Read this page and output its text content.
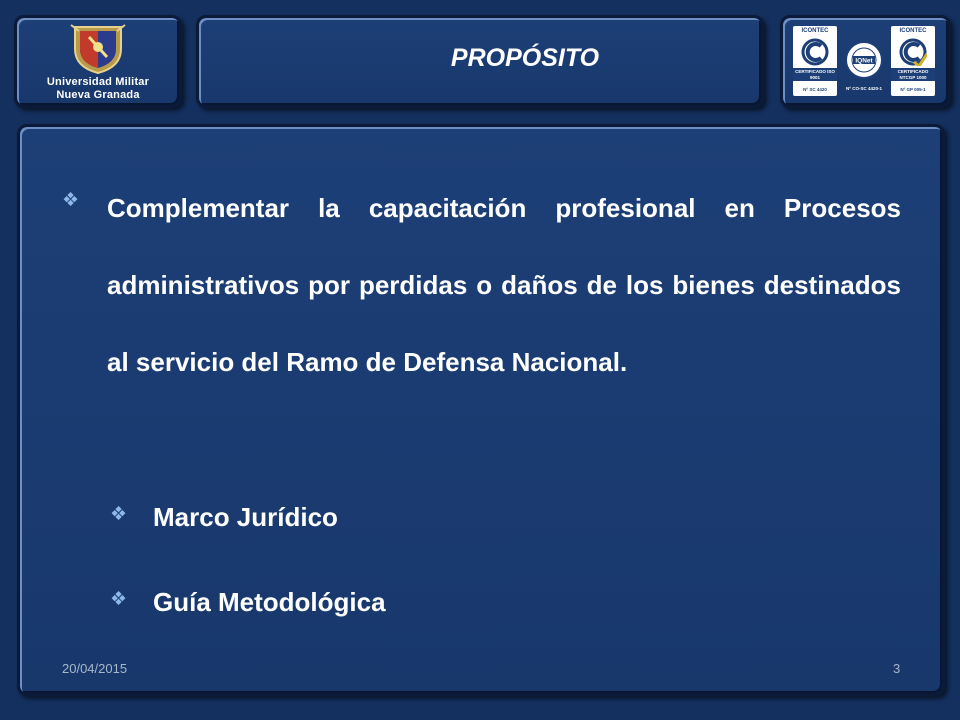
Universidad Militar
Nueva Granada
PROPÓSITO
ICONTEC
CERTIFICADO ISO 9001
Nº SC 4420
IQNet
Nº CO-SC 4420-1
ICONTEC
CERTIFICADO NTCGP 1000
Nº GP 005-1
❖ Complementar la capacitación profesional en Procesos administrativos por perdidas o daños de los bienes destinados al servicio del Ramo de Defensa Nacional.

❖ Marco Jurídico
❖ Guía Metodológica
20/04/2015	3
